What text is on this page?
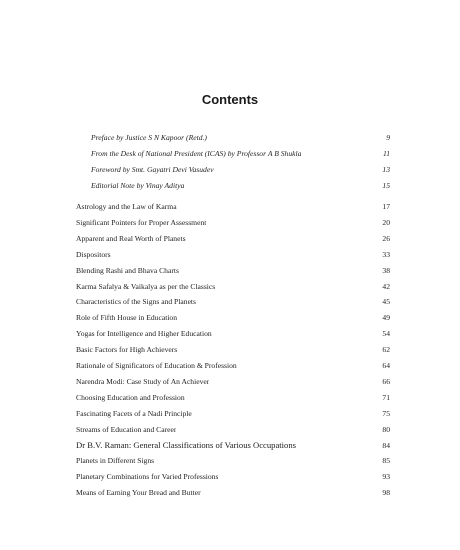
Contents
Preface by Justice S N Kapoor (Retd.)	9
From the Desk of National President (ICAS) by Professor A B Shukla	11
Foreword by Smt. Gayatri Devi Vasudev	13
Editorial Note by Vinay Aditya	15
Astrology and the Law of Karma	17
Significant Pointers for Proper Assessment	20
Apparent and Real Worth of Planets	26
Dispositors	33
Blending Rashi and Bhava Charts	38
Karma Safalya & Vaikalya as per the Classics	42
Characteristics of the Signs and Planets	45
Role of Fifth House in Education	49
Yogas for Intelligence and Higher Education	54
Basic Factors for High Achievers	62
Rationale of Significators of Education & Profession	64
Narendra Modi: Case Study of An Achiever	66
Choosing Education and Profession	71
Fascinating Facets of a Nadi Principle	75
Streams of Education and Career	80
Dr B.V. Raman: General Classifications of Various Occupations	84
Planets in Different Signs	85
Planetary Combinations for Varied Professions	93
Means of Earning Your Bread and Butter	98
